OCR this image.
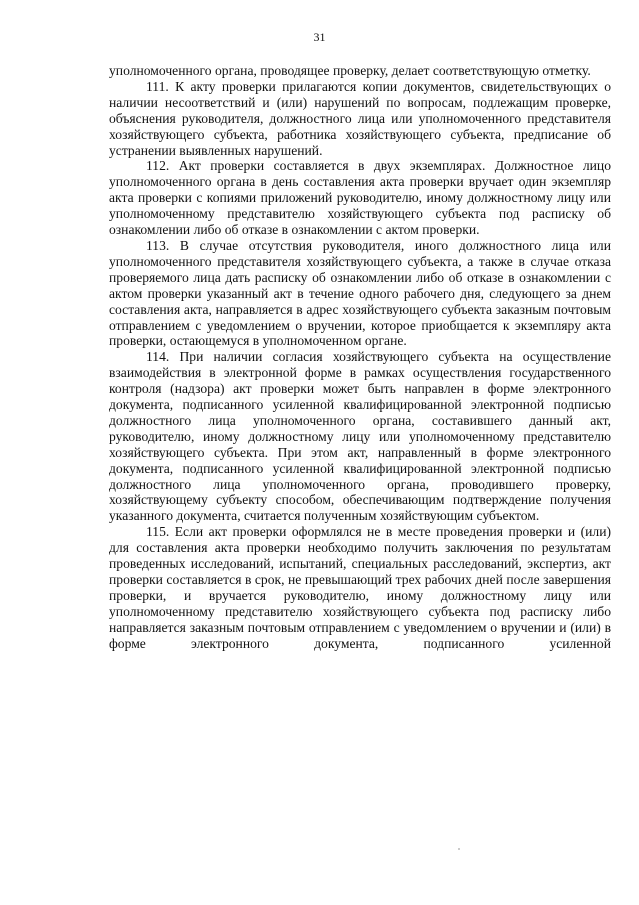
31

уполномоченного органа, проводящее проверку, делает соответствующую отметку.

111. К акту проверки прилагаются копии документов, свидетельствующих о наличии несоответствий и (или) нарушений по вопросам, подлежащим проверке, объяснения руководителя, должностного лица или уполномоченного представителя хозяйствующего субъекта, работника хозяйствующего субъекта, предписание об устранении выявленных нарушений.

112. Акт проверки составляется в двух экземплярах. Должностное лицо уполномоченного органа в день составления акта проверки вручает один экземпляр акта проверки с копиями приложений руководителю, иному должностному лицу или уполномоченному представителю хозяйствующего субъекта под расписку об ознакомлении либо об отказе в ознакомлении с актом проверки.

113. В случае отсутствия руководителя, иного должностного лица или уполномоченного представителя хозяйствующего субъекта, а также в случае отказа проверяемого лица дать расписку об ознакомлении либо об отказе в ознакомлении с актом проверки указанный акт в течение одного рабочего дня, следующего за днем составления акта, направляется в адрес хозяйствующего субъекта заказным почтовым отправлением с уведомлением о вручении, которое приобщается к экземпляру акта проверки, остающемуся в уполномоченном органе.

114. При наличии согласия хозяйствующего субъекта на осуществление взаимодействия в электронной форме в рамках осуществления государственного контроля (надзора) акт проверки может быть направлен в форме электронного документа, подписанного усиленной квалифицированной электронной подписью должностного лица уполномоченного органа, составившего данный акт, руководителю, иному должностному лицу или уполномоченному представителю хозяйствующего субъекта. При этом акт, направленный в форме электронного документа, подписанного усиленной квалифицированной электронной подписью должностного лица уполномоченного органа, проводившего проверку, хозяйствующему субъекту способом, обеспечивающим подтверждение получения указанного документа, считается полученным хозяйствующим субъектом.

115. Если акт проверки оформлялся не в месте проведения проверки и (или) для составления акта проверки необходимо получить заключения по результатам проведенных исследований, испытаний, специальных расследований, экспертиз, акт проверки составляется в срок, не превышающий трех рабочих дней после завершения проверки, и вручается руководителю, иному должностному лицу или уполномоченному представителю хозяйствующего субъекта под расписку либо направляется заказным почтовым отправлением с уведомлением о вручении и (или) в форме электронного документа, подписанного усиленной
